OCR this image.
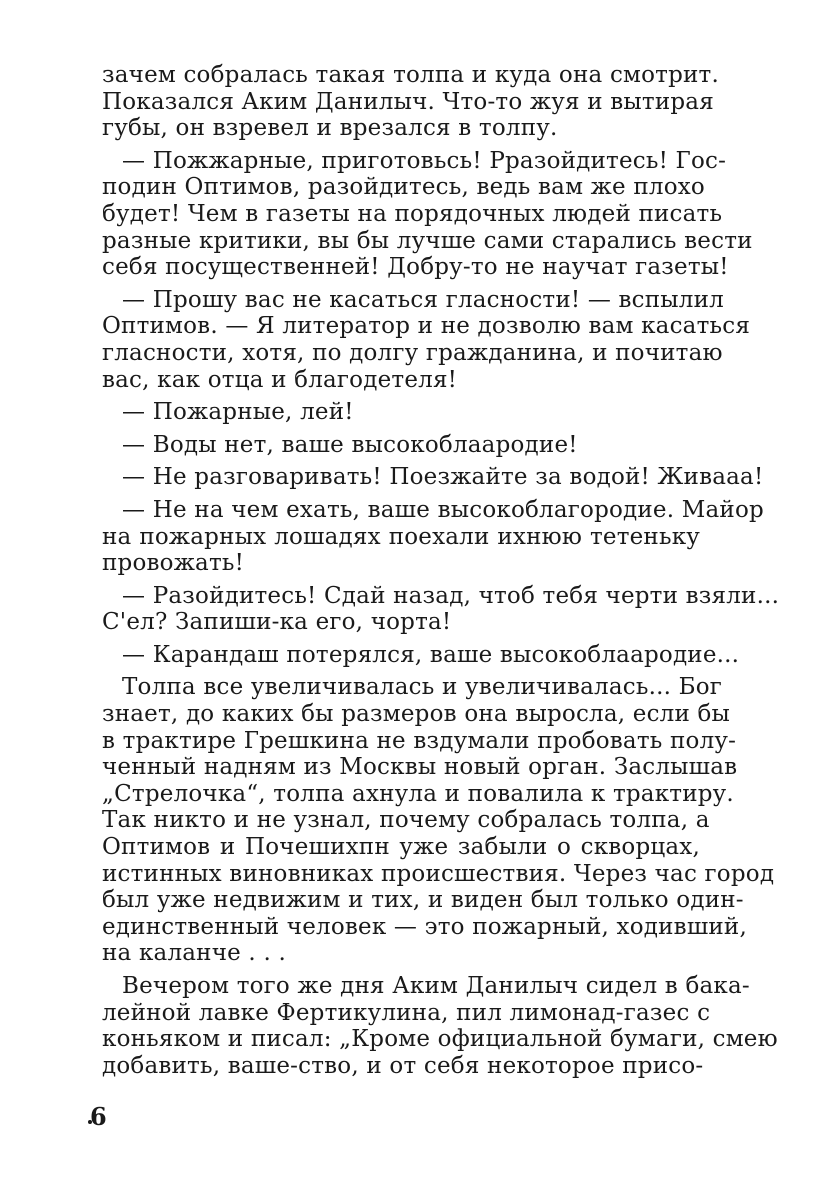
зачем собралась такая толпа и куда она смотрит.
Показался Аким Данилыч. Что-то жуя и вытирая
губы, он взревел и врезался в толпу.
— Пожжарные, приготовьсь! Рразойдитесь! Гос-
подин Оптимов, разойдитесь, ведь вам же плохо
будет! Чем в газеты на порядочных людей писать
разные критики, вы бы лучше сами старались вести
себя посущественней! Добру-то не научат газеты!
— Прошу вас не касаться гласности! — вспылил
Оптимов. — Я литератор и не дозволю вам касаться
гласности, хотя, по долгу гражданина, и почитаю
вас, как отца и благодетеля!
— Пожарные, лей!
— Воды нет, ваше высокоблаародие!
— Не разговаривать! Поезжайте за водой! Живааа!
— Не на чем ехать, ваше высокоблагородие. Майор
на пожарных лошадях поехали ихнюю тетеньку
провожать!
— Разойдитесь! Сдай назад, чтоб тебя черти взяли...
С'ел? Запиши-ка его, чорта!
— Карандаш потерялся, ваше высокоблаародие...
Толпа все увеличивалась и увеличивалась... Бог
знает, до каких бы размеров она выросла, если бы
в трактире Грешкина не вздумали пробовать полу-
ченный надням из Москвы новый орган. Заслышав
„Стрелочка“, толпа ахнула и повалила к трактиру.
Так никто и не узнал, почему собралась толпа, а
Оптимов и Почешихпн уже забыли о скворцах,
истинных виновниках происшествия. Через час город
был уже недвижим и тих, и виден был только один-
единственный человек — это пожарный, ходивший,
на каланче . . .
Вечером того же дня Аким Данилыч сидел в бака-
лейной лавке Фертикулина, пил лимонад-газес с
коньяком и писал: „Кроме официальной бумаги, смею
добавить, ваше-ство, и от себя некоторое присо-
6
